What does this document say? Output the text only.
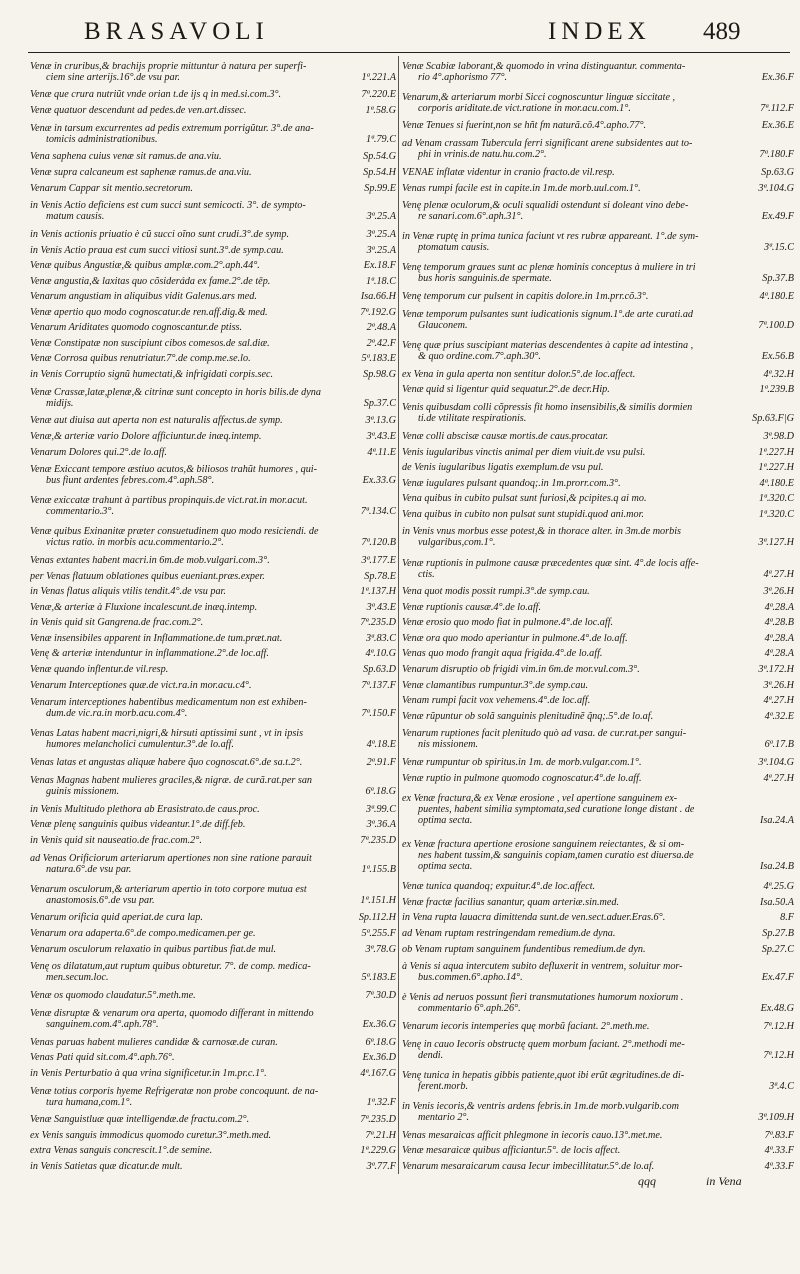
BRASAVOLI	INDEX 489
Venæ in cruribus,& brachijs proprie mittuntur à natura per superfi-
ciem sine arterijs.16°.de vsu par.	1ª.221.A
Venæ que crura nutriũt vnde orian t.de ijs q in med.si.com.3°.	7ª.220.E
Venæ quatuor descendunt ad pedes.de ven.art.dissec.	1ª.58.G
Venæ in tarsum excurrentes ad pedis extremum porrigũtur. 3°.de ana-
tomicis administrationibus.	1ª.79.C
Vena saphena cuius venæ sit ramus.de ana.viu.	Sp.54.G
Venæ supra calcaneum est saphenæ ramus.de ana.viu.	Sp.54.H
Venarum Cappar sit mentio.secretorum.	Sp.99.E
in Venis Actio deficiens est cum succi sunt semicocti. 3°. de sympto-
matum causis.	3ª.25.A
in Venis actionis priuatio è cũ succi oĩno sunt crudi.3°.de symp.	3ª.25.A
in Venis Actio praua est cum succi vitiosi sunt.3°.de symp.cau.	3ª.25.A
Venæ quibus Angustiæ,& quibus amplæ.com.2°.aph.44°.	Ex.18.F
Venæ angustia,& laxitas quo cõsideráda ex fame.2°.de tēp.	1ª.18.C
Venarum angustiam in aliquibus vidit Galenus.ars med.	Isa.66.H
Venæ apertio quo modo cognoscatur.de ren.aff.dig.& med.	7ª.192.G
Venarum Ariditates quomodo cognoscantur.de ptiss.	2ª.48.A
Venæ Constipatæ non suscipiunt cibos comesos.de sal.diæ.	2ª.42.F
Venæ Corrosa quibus renutriatur.7°.de comp.me.se.lo.	5ª.183.E
in Venis Corruptio signũ humectati,& infrigidati corpis.sec.	Sp.98.G
Venæ Crassæ,latæ,plenæ,& citrinæ sunt concepto in horis bilis.de dyna
midijs.	Sp.37.C
Venæ aut diuisa aut aperta non est naturalis affectus.de symp.	3ª.13.G
Venæ,& arteriæ vario Dolore afficiuntur.de inæq.intemp.	3ª.43.E
Venarum Dolores qui.2°.de lo.aff.	4ª.11.E
Venæ Exiccant tempore æstiuo acutos,& biliosos trahũt humores , qui-
bus fiunt ardentes febres.com.4°.aph.58°.	Ex.33.G
Venæ exiccatæ trahunt à partibus propinquis.de vict.rat.in mor.acut.
commentario.3°.	7ª.134.C
Venæ quibus Exinanitæ præter consuetudinem quo modo resiciendi. de
victus ratio. in morbis acu.commentario.2°.	7ª.120.B
Venas extantes habent macri.in 6m.de mob.vulgari.com.3°.	3ª.177.E
per Venas flatuum oblationes quibus eueniant.præs.exper.	Sp.78.E
in Venas flatus aliquis vtilis tendit.4°.de vsu par.	1ª.137.H
Venæ,& arteriæ à Fluxione incalescunt.de inæq.intemp.	3ª.43.E
in Venis quid sit Gangrena.de frac.com.2°.	7ª.235.D
Venæ insensibiles apparent in Inflammatione.de tum.præt.nat.	3ª.83.C
Venę & arteriæ intenduntur in inflammatione.2°.de loc.aff.	4ª.10.G
Venæ quando inflentur.de vil.resp.	Sp.63.D
Venarum Interceptiones quæ.de vict.ra.in mor.acu.c4°.	7ª.137.F
Venarum interceptiones habentibus medicamentum non est exhiben-
dum.de vic.ra.in morb.acu.com.4°.	7ª.150.F
Venas Latas habent macri,nigri,& hirsuti aptissimi sunt , vt in ipsis
humores melancholici cumulentur.3°.de lo.aff.	4ª.18.E
Venas latas et angustas aliquæ habere q̃uo cognoscat.6°.de sa.t.2°.	2ª.91.F
Venas Magnas habent mulieres graciles,& nigræ. de curã.rat.per san
guinis missionem.	6ª.18.G
in Venis Multitudo plethora ab Erasistrato.de caus.proc.	3ª.99.C
Venæ plenę sanguinis quibus videantur.1°.de diff.feb.	3ª.36.A
in Venis quid sit nauseatio.de frac.com.2°.	7ª.235.D
ad Venas Orificiorum arteriarum apertiones non sine ratione parauit
natura.6°.de vsu par.	1ª.155.B
Venarum osculorum,& arteriarum apertio in toto corpore mutua est
anastomosis.6°.de vsu par.	1ª.151.H
Venarum orificia quid aperiat.de cura lap.	Sp.112.H
Venarum ora adaperta.6°.de compo.medicamen.per ge.	5ª.255.F
Venarum osculorum relaxatio in quibus partibus fiat.de mul.	3ª.78.G
Venę os dilatatum,aut ruptum quibus obturetur. 7°. de comp. medica-
men.secum.loc.	5ª.183.E
Venæ os quomodo claudatur.5°.meth.me.	7ª.30.D
Venæ disruptæ & venarum ora aperta, quomodo differant in mittendo
sanguinem.com.4°.aph.78°.	Ex.36.G
Venas paruas habent mulieres candidæ & carnosæ.de curan.	6ª.18.G
Venas Pati quid sit.com.4°.aph.76°.	Ex.36.D
in Venis Perturbatio à qua vrina significetur.in 1m.pr.c.1°.	4ª.167.G
Venæ totius corporis hyeme Refrigeratæ non probe concoquunt. de na-
tura humana,com.1°.	1ª.32.F
Venæ Sanguistluæ quæ intelligendæ.de fractu.com.2°.	7ª.235.D
ex Venis sanguis immodicus quomodo curetur.3°.meth.med.	7ª.21.H
extra Venas sanguis concrescit.1°.de semine.	1ª.229.G
in Venis Satietas quæ dicatur.de mult.	3ª.77.F
Venæ Scabiæ laborant,& quomodo in vrina distinguantur. commenta-
rio 4°.aphorismo 77°.	Ex.36.F
Venarum,& arteriarum morbi Sicci cognoscuntur linguæ siccitate ,
corporis ariditate.de vict.ratione in mor.acu.com.1°.	7ª.112.F
Venæ Tenues si fuerint,non se hñt fm naturã.cõ.4°.apho.77°.	Ex.36.E
ad Venam crassam Tubercula ferri significant arene subsidentes aut to-
phi in vrinis.de natu.hu.com.2°.	7ª.180.F
VENAE inflatæ videntur in cranio fracto.de vil.resp.	Sp.63.G
Venas rumpi facile est in capite.in 1m.de morb.uul.com.1°.	3ª.104.G
Venę plenæ oculorum,& oculi squalidi ostendunt si doleant vino debe-
re sanari.com.6°.aph.31°.	Ex.49.F
in Venæ ruptę in prima tunica faciunt vt res rubræ appareant. 1°.de sym-
ptomatum causis.	3ª.15.C
Venę temporum graues sunt ac plenæ hominis conceptus à muliere in tri
bus horis sanguinis.de spermate.	Sp.37.B
Venę temporum cur pulsent in capitis dolore.in 1m.prr.cõ.3°.	4ª.180.E
Venæ temporum pulsantes sunt iudicationis signum.1°.de arte curati.ad
Glauconem.	7ª.100.D
Venę quæ prius suscipiant materias descendentes à capite ad intestina ,
& quo ordine.com.7°.aph.30°.	Ex.56.B
ex Vena in gula aperta non sentitur dolor.5°.de loc.affect.	4ª.32.H
Venæ quid si ligentur quid sequatur.2°.de decr.Hip.	1ª.239.B
Venis quibusdam colli cõpressis fit homo insensibilis,& similis dormien
ti.de vtilitate respirationis.	Sp.63.F|G
Venæ colli abscisæ causæ mortis.de caus.procatar.	3ª.98.D
Venis iugularibus vinctis animal per diem viuit.de vsu pulsi.	1ª.227.H
de Venis iugularibus ligatis exemplum.de vsu pul.	1ª.227.H
Venæ iugulares pulsant quandoq;.in 1m.prorr.com.3°.	4ª.180.E
Vena quibus in cubito pulsat sunt furiosi,& pcipites.q ai mo.	1ª.320.C
Vena quibus in cubito non pulsat sunt stupidi.quod ani.mor.	1ª.320.C
in Venis vnus morbus esse potest,& in thorace alter. in 3m.de morbis
vulgaribus,com.1°.	3ª.127.H
Venæ ruptionis in pulmone causæ præcedentes quæ sint. 4°.de locis affe-
ctis.	4ª.27.H
Vena quot modis possit rumpi.3°.de symp.cau.	3ª.26.H
Venæ ruptionis causæ.4°.de lo.aff.	4ª.28.A
Venæ erosio quo modo fiat in pulmone.4°.de loc.aff.	4ª.28.B
Venæ ora quo modo aperiantur in pulmone.4°.de lo.aff.	4ª.28.A
Venas quo modo frangit aqua frigida.4°.de lo.aff.	4ª.28.A
Venarum disruptio ob frigidi vim.in 6m.de mor.vul.com.3°.	3ª.172.H
Venæ clamantibus rumpuntur.3°.de symp.cau.	3ª.26.H
Venam rumpi facit vox vehemens.4°.de loc.aff.	4ª.27.H
Venæ rũpuntur ob solã sanguinis plenitudinẽ q̃nq;.5°.de lo.af.	4ª.32.E
Venarum ruptiones facit plenitudo quò ad vasa. de cur.rat.per sangui-
nis missionem.	6ª.17.B
Venæ rumpuntur ob spiritus.in 1m. de morb.vulgar.com.1°.	3ª.104.G
Venæ ruptio in pulmone quomodo cognoscatur.4°.de lo.aff.	4ª.27.H
ex Venæ fractura,& ex Venæ erosione , vel apertione sanguinem ex-
puentes, habent similia symptomata,sed curatione longe distant . de
optima secta.	Isa.24.A
ex Venæ fractura apertione erosione sanguinem reiectantes, & si om-
nes habent tussim,& sanguinis copiam,tamen curatio est diuersa.de
optima secta.	Isa.24.B
Venæ tunica quandoq; expuitur.4°.de loc.affect.	4ª.25.G
Venæ fractæ facilius sanantur, quam arteriæ.sin.med.	Isa.50.A
in Vena rupta lauacra dimittenda sunt.de ven.sect.aduer.Eras.6°.	8.F
ad Venam ruptam restringendam remedium.de dyna.	Sp.27.B
ob Venam ruptam sanguinem fundentibus remedium.de dyn.	Sp.27.C
à Venis si aqua intercutem subito defluxerit in ventrem, soluitur mor-
bus.commen.6°.apho.14°.	Ex.47.F
è Venis ad neruos possunt fieri transmutationes humorum noxiorum .
commentario 6°.aph.26°.	Ex.48.G
Venarum iecoris intemperies quę morbũ faciant. 2°.meth.me.	7ª.12.H
Venę in cauo Iecoris obstructę quem morbum faciant. 2°.methodi me-
dendi.	7ª.12.H
Venę tunica in hepatis gibbis patiente,quot ibi erũt ægritudines.de di-
ferent.morb.	3ª.4.C
in Venis iecoris,& ventris ardens febris.in 1m.de morb.vulgarib.com
mentario 2°.	3ª.109.H
Venas mesaraicas afficit phlegmone in iecoris cauo.13°.met.me.	7ª.83.F
Venæ mesaraicæ quibus afficiantur.5°. de locis affect.	4ª.33.F
Venarum mesaraicarum causa Iecur imbecillitatur.5°.de lo.af.	4ª.33.F
qqq	in Vena
